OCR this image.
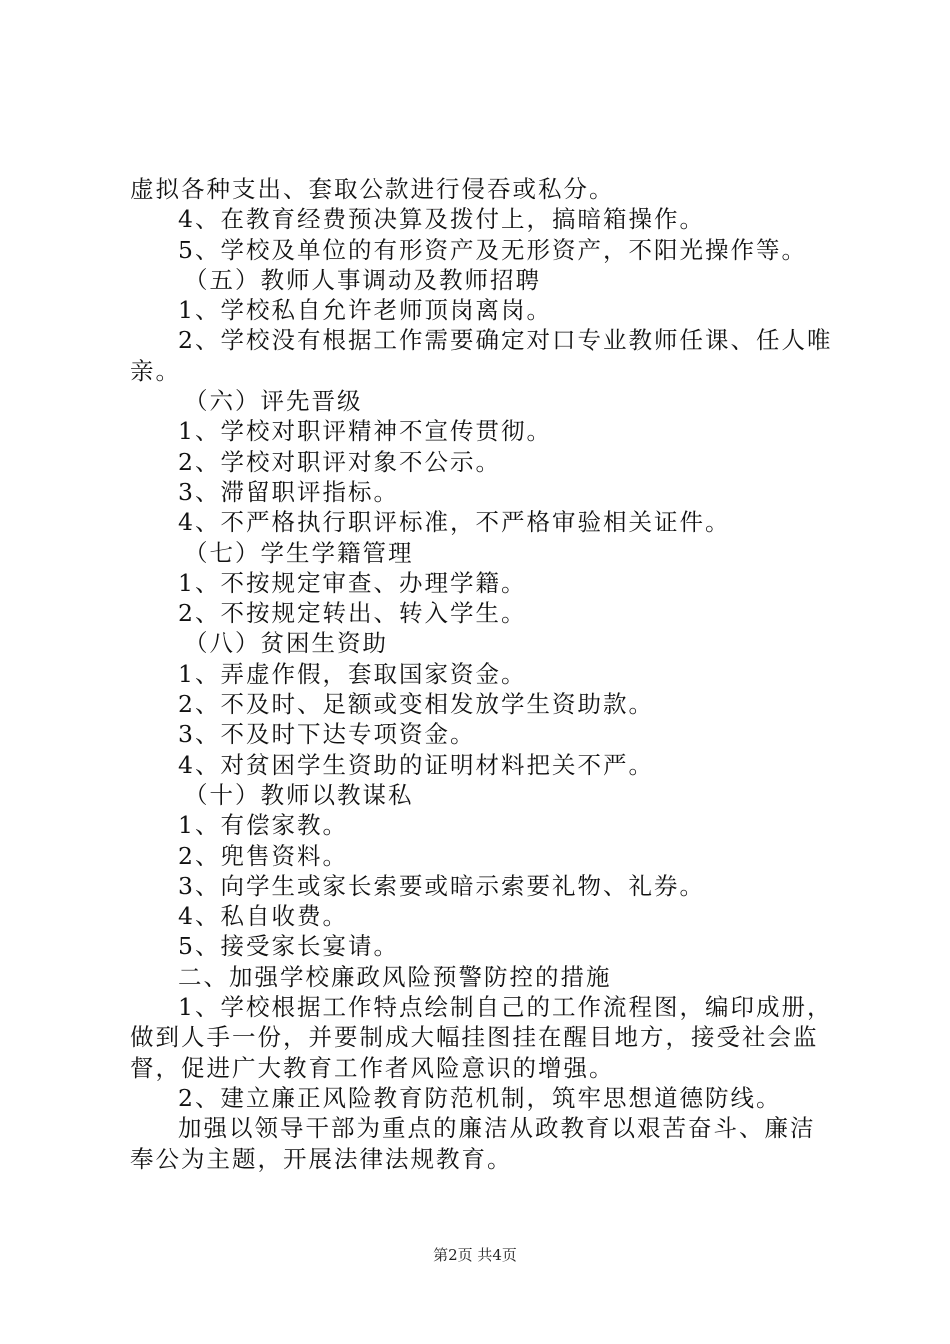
虚拟各种支出、套取公款进行侵吞或私分。
4、在教育经费预决算及拨付上，搞暗箱操作。
5、学校及单位的有形资产及无形资产，不阳光操作等。
（五）教师人事调动及教师招聘
1、学校私自允许老师顶岗离岗。
2、学校没有根据工作需要确定对口专业教师任课、任人唯
亲。
（六）评先晋级
1、学校对职评精神不宣传贯彻。
2、学校对职评对象不公示。
3、滞留职评指标。
4、不严格执行职评标准，不严格审验相关证件。
（七）学生学籍管理
1、不按规定审查、办理学籍。
2、不按规定转出、转入学生。
（八）贫困生资助
1、弄虚作假，套取国家资金。
2、不及时、足额或变相发放学生资助款。
3、不及时下达专项资金。
4、对贫困学生资助的证明材料把关不严。
（十）教师以教谋私
1、有偿家教。
2、兜售资料。
3、向学生或家长索要或暗示索要礼物、礼券。
4、私自收费。
5、接受家长宴请。
二、加强学校廉政风险预警防控的措施
1、学校根据工作特点绘制自己的工作流程图，编印成册，
做到人手一份，并要制成大幅挂图挂在醒目地方，接受社会监
督，促进广大教育工作者风险意识的增强。
2、建立廉正风险教育防范机制，筑牢思想道德防线。
加强以领导干部为重点的廉洁从政教育以艰苦奋斗、廉洁
奉公为主题，开展法律法规教育。
第2页 共4页
